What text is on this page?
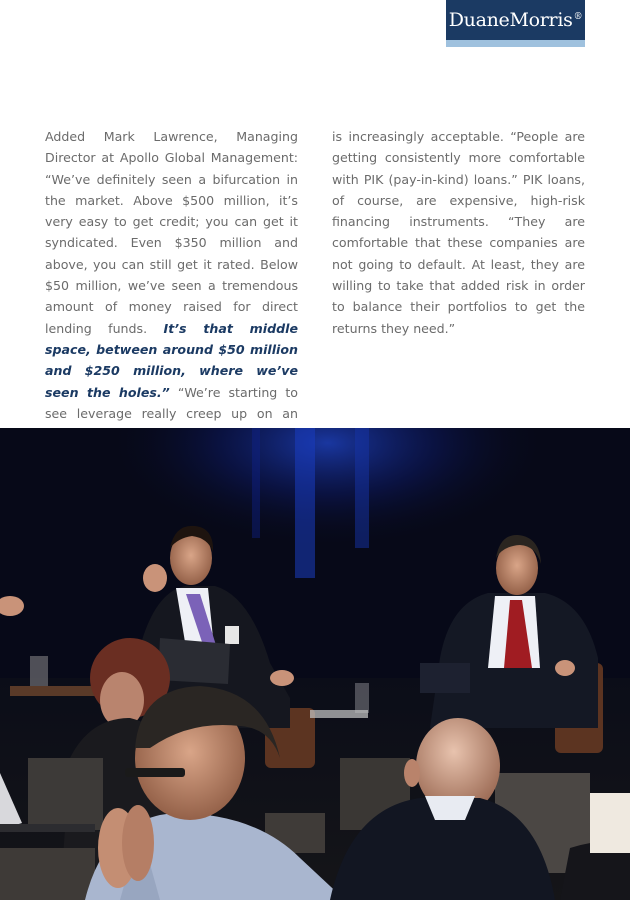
DuaneMorris®

Added Mark Lawrence, Managing Director at Apollo Global Management: “We’ve definitely seen a bifurcation in the market. Above $500 million, it’s very easy to get credit; you can get it syndicated. Even $350 million and above, you can still get it rated. Below $50 million, we’ve seen a tremendous amount of money raised for direct lending funds. It’s that middle space, between around $50 million and $250 million, where we’ve seen the holes.” “We’re starting to see leverage really creep up on an

is increasingly acceptable. “People are getting consistently more comfortable with PIK (pay-in-kind) loans.” PIK loans, of course, are expensive, high-risk financing instruments. “They are comfortable that these companies are not going to default. At least, they are willing to take that added risk in order to balance their portfolios to get the returns they need.”
